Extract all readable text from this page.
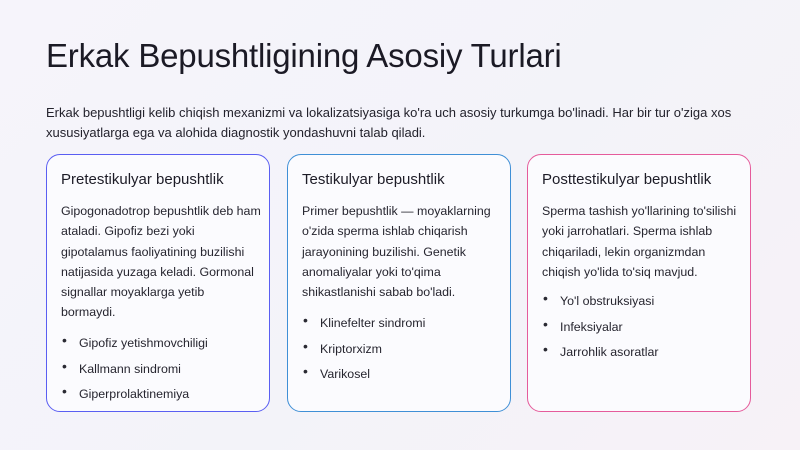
Erkak Bepushtligining Asosiy Turlari

Erkak bepushtligi kelib chiqish mexanizmi va lokalizatsiyasiga ko'ra uch asosiy turkumga bo'linadi. Har bir tur o'ziga xos xususiyatlarga ega va alohida diagnostik yondashuvni talab qiladi.

Pretestikulyar bepushtlik

Gipogonadotrop bepushtlik deb ham ataladi. Gipofiz bezi yoki gipotalamus faoliyatining buzilishi natijasida yuzaga keladi. Gormonal signallar moyaklarga yetib bormaydi.

• Gipofiz yetishmovchiligi
• Kallmann sindromi
• Giperprolaktinemiya
Testikulyar bepushtlik

Primer bepushtlik — moyaklarning o'zida sperma ishlab chiqarish jarayonining buzilishi. Genetik anomaliyalar yoki to'qima shikastlanishi sabab bo'ladi.

• Klinefelter sindromi
• Kriptorxizm
• Varikosel
Posttestikulyar bepushtlik

Sperma tashish yo'llarining to'silishi yoki jarrohatlari. Sperma ishlab chiqariladi, lekin organizmdan chiqish yo'lida to'siq mavjud.

• Yo'l obstruksiyasi
• Infeksiyalar
• Jarrohlik asoratlar
